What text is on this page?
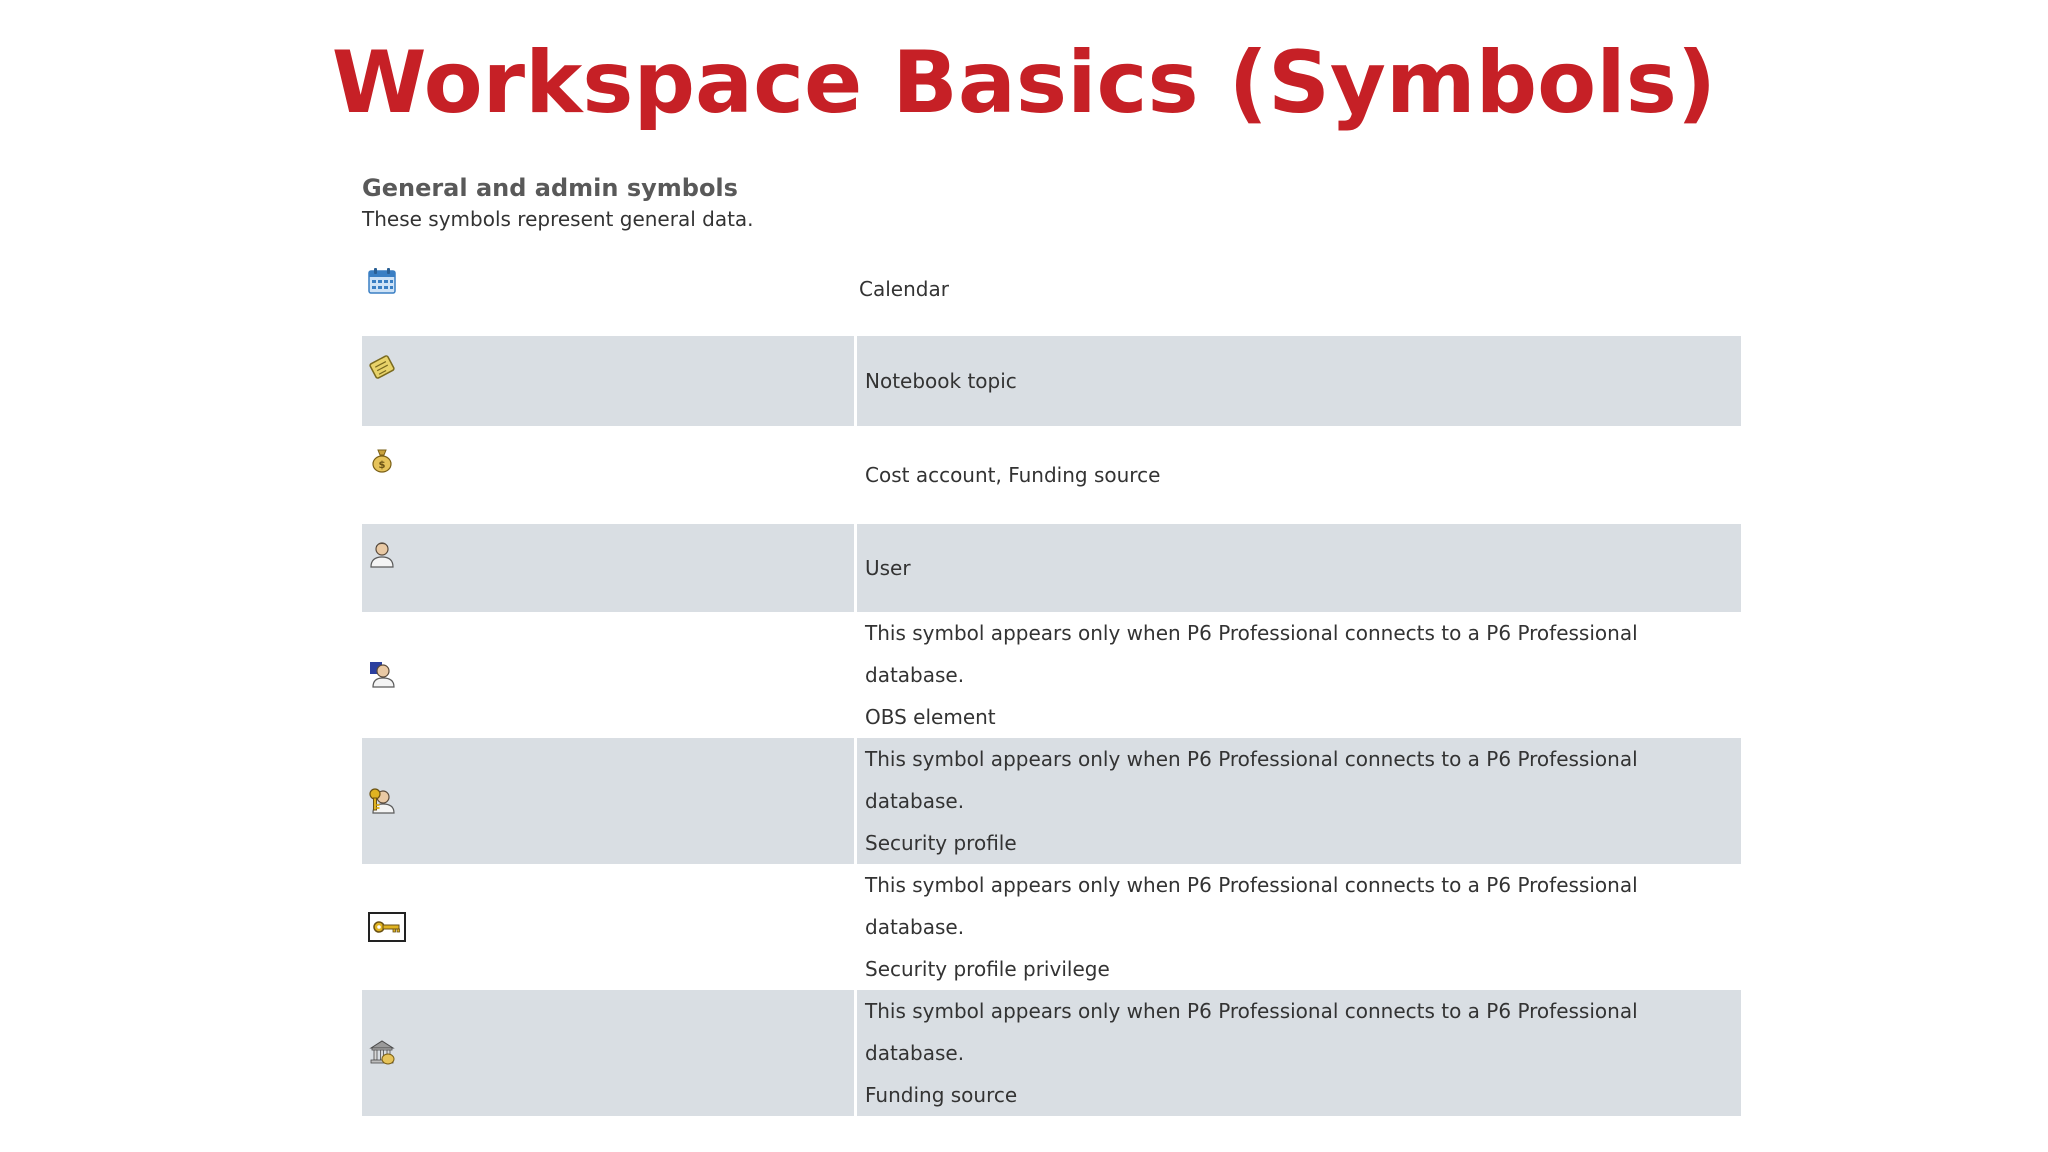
Workspace Basics (Symbols)

General and admin symbols

These symbols represent general data.

Calendar

Notebook topic

$	Cost account, Funding source

User

This symbol appears only when P6 Professional connects to a P6 Professional database.
OBS element

This symbol appears only when P6 Professional connects to a P6 Professional database.
Security profile

This symbol appears only when P6 Professional connects to a P6 Professional database.
Security profile privilege

This symbol appears only when P6 Professional connects to a P6 Professional database.
Funding source
